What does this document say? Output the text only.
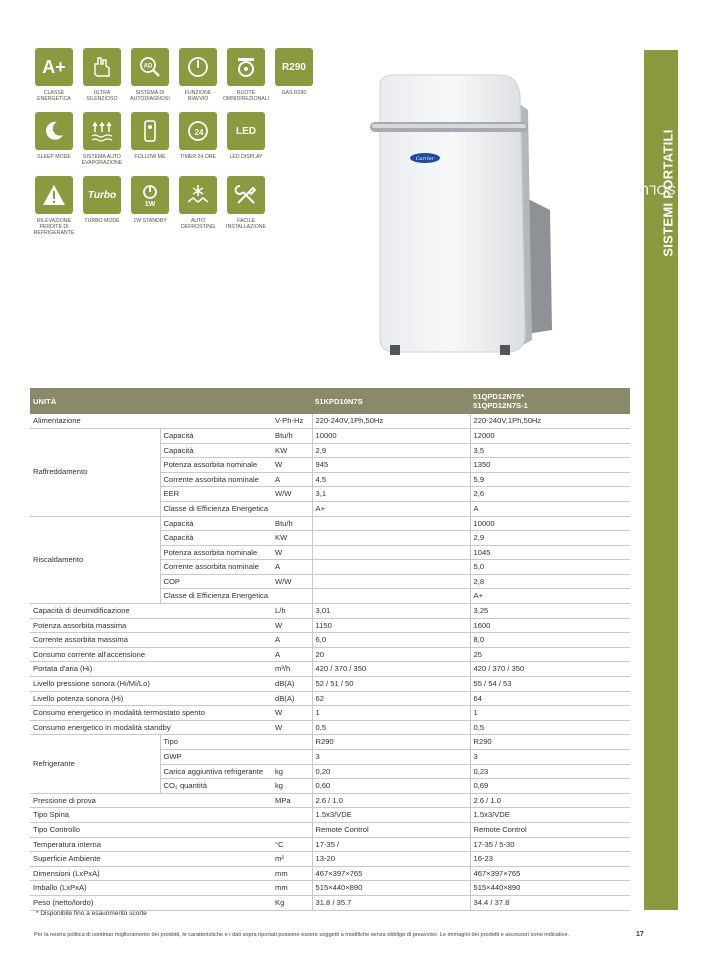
HOME SOLUTIONS _
SISTEMI PORTATILI
A+
CLASSE ENERGETICA
ULTRA SILENZIOSO
AD
SISTEMA DI AUTODIAGNOSI
FUNZIONE RIAVVIO
RUOTE OMNIDIREZIONALI
R290
GAS R290
SLEEP MODE	SISTEMA AUTO EVAPORAZIONE
FOLLOW ME
24
TIMER 24 ORE
LED
LED DISPLAY
RILEVAZIONE PERDITE DI REFRIGERANTE
Turbo
TURBO MODE
1W
1W STANDBY	AUTO DEFROSTING
FACILE INSTALLAZIONE
Carrier
UNITÀ			51KPD10N7S	51QPD12N7S*
51QPD12N7S-1
Alimentazione		V-Ph-Hz	220-240V,1Ph,50Hz	220-240V,1Ph,50Hz
Raffreddamento	Capacità	Btu/h	10000	12000
	Capacità	KW	2,9	3,5
	Potenza assorbita nominale	W	945	1350
	Corrente assorbita nominale	A	4,5	5,9
	EER	W/W	3,1	2,6
	Classe di Efficienza Energetica		A+	A
Riscaldamento	Capacità	Btu/h		10000
	Capacità	KW		2,9
	Potenza assorbita nominale	W		1045
	Corrente assorbita nominale	A		5,0
	COP	W/W		2,8
	Classe di Efficienza Energetica			A+
Capacità di deumidificazione		L/h	3,01	3,25
Potenza assorbita massima		W	1150	1600
Corrente assorbita massima		A	6,0	8,0
Consumo corrente all'accensione		A	20	25
Portata d'aria (Hi)		m³/h	420 / 370 / 350	420 / 370 / 350
Livello pressione sonora (Hi/Mi/Lo)		dB(A)	52 / 51 / 50	55 / 54 / 53
Livello potenza sonora (Hi)		dB(A)	62	64
Consumo energetico in modalità termostato spento		W	1	1
Consumo energetico in modalità standby		W	0,5	0,5
Refrigerante	Tipo		R290	R290
	GWP		3	3
	Carica aggiuntiva refrigerante	kg	0,20	0,23
	CO₂ quantità	kg	0,60	0,69
Pressione di prova		MPa	2.6 / 1.0	2.6 / 1.0
Tipo Spina			1.5x3/VDE	1.5x3/VDE
Tipo Controllo			Remote Control	Remote Control
Temperatura interna		°C	17-35 /	17-35 / 5-30
Superficie Ambiente		m²	13-20	16-23
Dimensioni (LxPxA)		mm	467×397×765	467×397×765
Imballo (LxPxA)		mm	515×440×890	515×440×890
Peso (netto/lordo)		Kg	31.8 / 35.7	34.4 / 37.8
* Disponibile fino a esaurimento scorte
Per la nostra politica di continuo miglioramento dei prodotti, le caratteristiche e i dati sopra riportati possono essere soggetti a modifiche senza obbligo di preavviso. Le immagini dei prodotti e accessori sono indicative.	17
